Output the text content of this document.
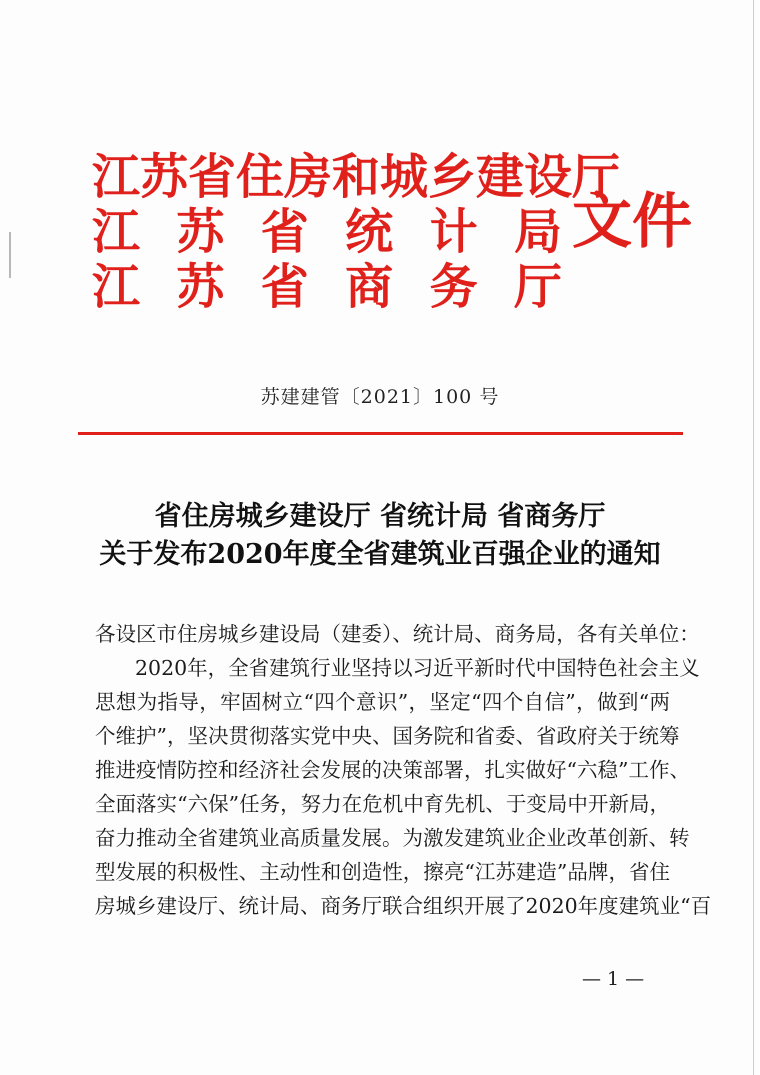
江苏省住房和城乡建设厅
江 苏 省 统 计 局
江 苏 省 商 务 厅
文件
苏建建管〔2021〕100 号
省住房城乡建设厅 省统计局 省商务厅
关于发布2020年度全省建筑业百强企业的通知
各设区市住房城乡建设局（建委）、统计局、商务局，各有关单位：
2020年，全省建筑行业坚持以习近平新时代中国特色社会主义
思想为指导，牢固树立“四个意识”，坚定“四个自信”，做到“两
个维护”，坚决贯彻落实党中央、国务院和省委、省政府关于统筹
推进疫情防控和经济社会发展的决策部署，扎实做好“六稳”工作、
全面落实“六保”任务，努力在危机中育先机、于变局中开新局，
奋力推动全省建筑业高质量发展。为激发建筑业企业改革创新、转
型发展的积极性、主动性和创造性，擦亮“江苏建造”品牌，省住
房城乡建设厅、统计局、商务厅联合组织开展了2020年度建筑业“百
— 1 —
